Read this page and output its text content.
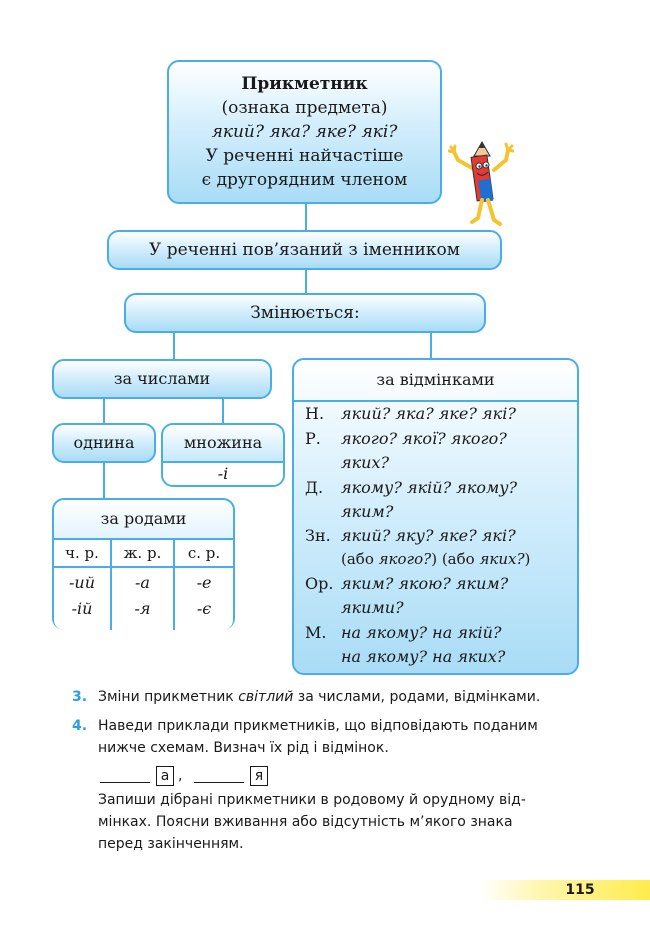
Прикметник
(ознака предмета)
який? яка? яке? які?
У реченні найчастіше
є другорядним членом
У реченні пов’язаний з іменником
Змінюється:
за числами
однина	множина
-і
за родами
ч. р.
-ий
-ій
ж. р.
-а
-я
с. р.
-е
-є
за відмінками
Н. який? яка? яке? які?
Р. якого? якої? якого?
яких?
Д. якому? якій? якому?
яким?
Зн. який? яку? яке? які?
(або якого?) (або яких?)
Ор. яким? якою? яким?
якими?
М. на якому? на якій?
на якому? на яких?
3. Зміни прикметник світлий за числами, родами, відмінками.
4. Наведи приклади прикметників, що відповідають поданим
нижче схемам. Визнач їх рід і відмінок.
а ,	я
Запиши дібрані прикметники в родовому й орудному від-
мінках. Поясни вживання або відсутність м’якого знака
перед закінченням.
115
